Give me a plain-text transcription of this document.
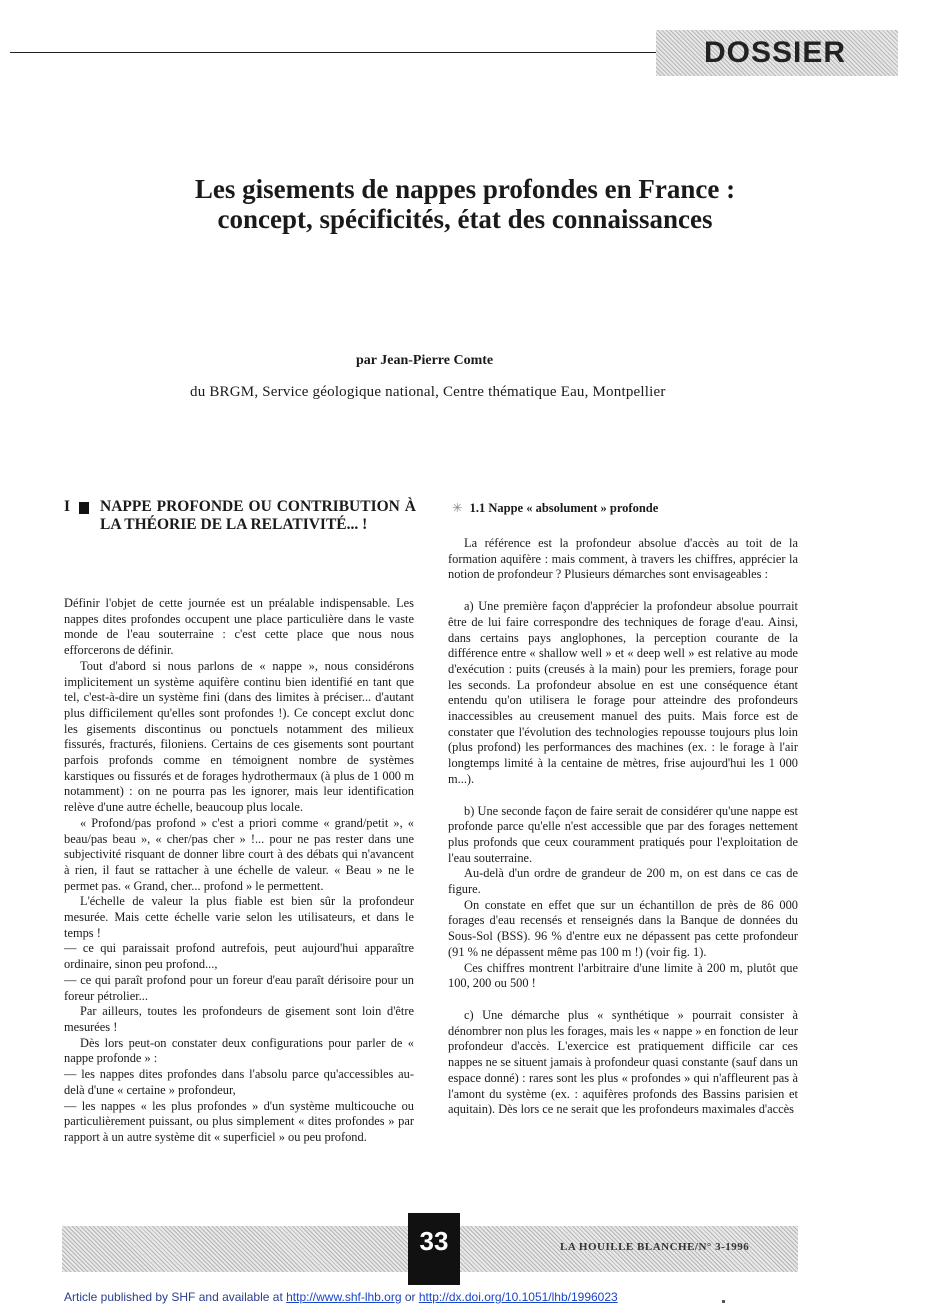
DOSSIER
Les gisements de nappes profondes en France :
concept, spécificités, état des connaissances
par Jean-Pierre Comte
du BRGM, Service géologique national, Centre thématique Eau, Montpellier
I	NAPPE PROFONDE OU CONTRIBUTION À LA THÉORIE DE LA RELATIVITÉ... !

Définir l'objet de cette journée est un préalable indispensable. Les nappes dites profondes occupent une place particulière dans le vaste monde de l'eau souterraine : c'est cette place que nous nous efforcerons de définir.

Tout d'abord si nous parlons de « nappe », nous considérons implicitement un système aquifère continu bien identifié en tant que tel, c'est-à-dire un système fini (dans des limites à préciser... d'autant plus difficilement qu'elles sont profondes !). Ce concept exclut donc les gisements discontinus ou ponctuels notamment des milieux fissurés, fracturés, filoniens. Certains de ces gisements sont pourtant parfois profonds comme en témoignent nombre de systèmes karstiques ou fissurés et de forages hydrothermaux (à plus de 1 000 m notamment) : on ne pourra pas les ignorer, mais leur identification relève d'une autre échelle, beaucoup plus locale.

« Profond/pas profond » c'est a priori comme « grand/petit », « beau/pas beau », « cher/pas cher » !... pour ne pas rester dans une subjectivité risquant de donner libre court à des débats qui n'avancent à rien, il faut se rattacher à une échelle de valeur. « Beau » ne le permet pas. « Grand, cher... profond » le permettent.

L'échelle de valeur la plus fiable est bien sûr la profondeur mesurée. Mais cette échelle varie selon les utilisateurs, et dans le temps !

— ce qui paraissait profond autrefois, peut aujourd'hui apparaître ordinaire, sinon peu profond...,

— ce qui paraît profond pour un foreur d'eau paraît dérisoire pour un foreur pétrolier...

Par ailleurs, toutes les profondeurs de gisement sont loin d'être mesurées !

Dès lors peut-on constater deux configurations pour parler de « nappe profonde » :

— les nappes dites profondes dans l'absolu parce qu'accessibles au-delà d'une « certaine » profondeur,

— les nappes « les plus profondes » d'un système multicouche ou particulièrement puissant, ou plus simplement « dites profondes » par rapport à un autre système dit « superficiel » ou peu profond.

✳ 1.1 Nappe « absolument » profonde

La référence est la profondeur absolue d'accès au toit de la formation aquifère : mais comment, à travers les chiffres, apprécier la notion de profondeur ? Plusieurs démarches sont envisageables :

a) Une première façon d'apprécier la profondeur absolue pourrait être de lui faire correspondre des techniques de forage d'eau. Ainsi, dans certains pays anglophones, la perception courante de la différence entre « shallow well » et « deep well » est relative au mode d'exécution : puits (creusés à la main) pour les premiers, forage pour les seconds. La profondeur absolue en est une conséquence étant entendu qu'on utilisera le forage pour atteindre des profondeurs inaccessibles au creusement manuel des puits. Mais force est de constater que l'évolution des technologies repousse toujours plus loin (plus profond) les performances des machines (ex. : le forage à l'air longtemps limité à la centaine de mètres, frise aujourd'hui les 1 000 m...).

b) Une seconde façon de faire serait de considérer qu'une nappe est profonde parce qu'elle n'est accessible que par des forages nettement plus profonds que ceux couramment pratiqués pour l'exploitation de l'eau souterraine.

Au-delà d'un ordre de grandeur de 200 m, on est dans ce cas de figure.

On constate en effet que sur un échantillon de près de 86 000 forages d'eau recensés et renseignés dans la Banque de données du Sous-Sol (BSS). 96 % d'entre eux ne dépassent pas cette profondeur (91 % ne dépassent même pas 100 m !) (voir fig. 1).

Ces chiffres montrent l'arbitraire d'une limite à 200 m, plutôt que 100, 200 ou 500 !

c) Une démarche plus « synthétique » pourrait consister à dénombrer non plus les forages, mais les « nappe » en fonction de leur profondeur d'accès. L'exercice est pratiquement difficile car ces nappes ne se situent jamais à profondeur quasi constante (sauf dans un espace donné) : rares sont les plus « profondes » qui n'affleurent pas à l'amont du système (ex. : aquifères profonds des Bassins parisien et aquitain). Dès lors ce ne serait que les profondeurs maximales d'accès

33	LA HOUILLE BLANCHE/N° 3-1996
Article published by SHF and available at http://www.shf-lhb.org or http://dx.doi.org/10.1051/lhb/1996023
